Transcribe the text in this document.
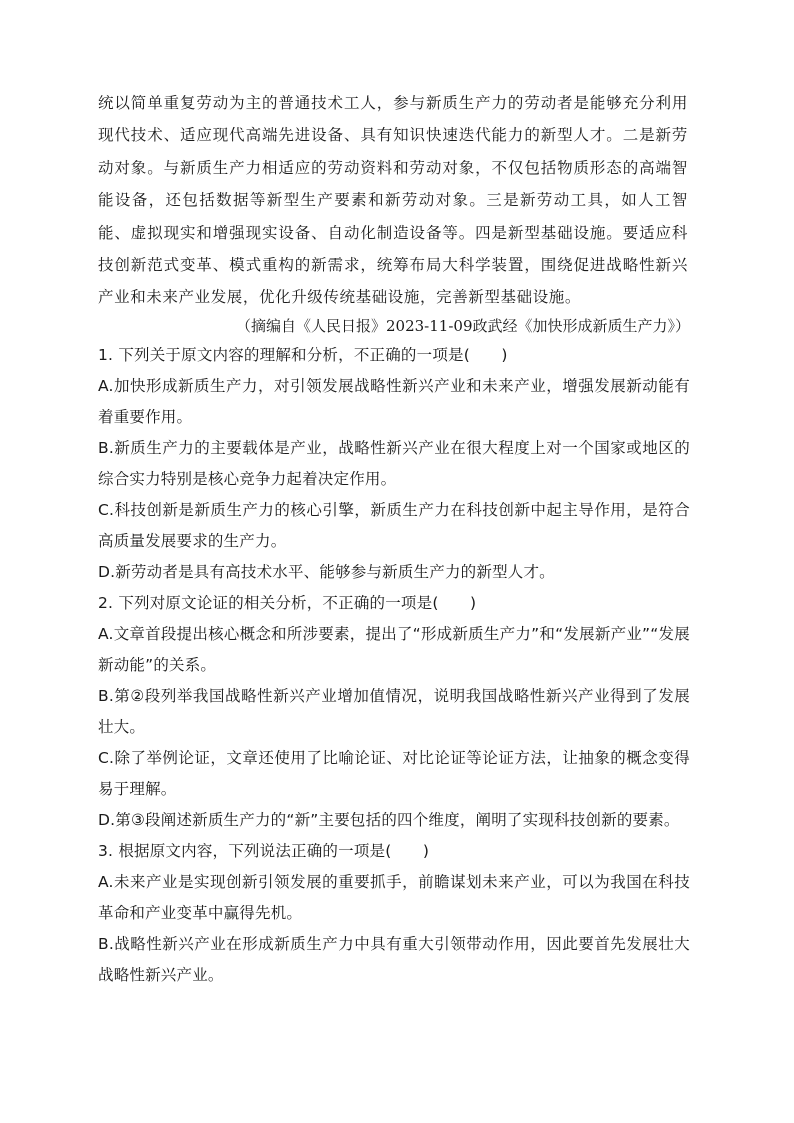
统以简单重复劳动为主的普通技术工人，参与新质生产力的劳动者是能够充分利用现代技术、适应现代高端先进设备、具有知识快速迭代能力的新型人才。二是新劳动对象。与新质生产力相适应的劳动资料和劳动对象，不仅包括物质形态的高端智能设备，还包括数据等新型生产要素和新劳动对象。三是新劳动工具，如人工智能、虚拟现实和增强现实设备、自动化制造设备等。四是新型基础设施。要适应科技创新范式变革、模式重构的新需求，统筹布局大科学装置，围绕促进战略性新兴产业和未来产业发展，优化升级传统基础设施，完善新型基础设施。

（摘编自《人民日报》2023-11-09政武经《加快形成新质生产力》）

1. 下列关于原文内容的理解和分析，不正确的一项是(　　)

A.加快形成新质生产力，对引领发展战略性新兴产业和未来产业，增强发展新动能有着重要作用。

B.新质生产力的主要载体是产业，战略性新兴产业在很大程度上对一个国家或地区的综合实力特别是核心竞争力起着决定作用。

C.科技创新是新质生产力的核心引擎，新质生产力在科技创新中起主导作用，是符合高质量发展要求的生产力。

D.新劳动者是具有高技术水平、能够参与新质生产力的新型人才。

2. 下列对原文论证的相关分析，不正确的一项是(　　)

A.文章首段提出核心概念和所涉要素，提出了“形成新质生产力”和“发展新产业”“发展新动能”的关系。

B.第②段列举我国战略性新兴产业增加值情况，说明我国战略性新兴产业得到了发展壮大。

C.除了举例论证，文章还使用了比喻论证、对比论证等论证方法，让抽象的概念变得易于理解。

D.第③段阐述新质生产力的“新”主要包括的四个维度，阐明了实现科技创新的要素。

3. 根据原文内容，下列说法正确的一项是(　　)

A.未来产业是实现创新引领发展的重要抓手，前瞻谋划未来产业，可以为我国在科技革命和产业变革中赢得先机。

B.战略性新兴产业在形成新质生产力中具有重大引领带动作用，因此要首先发展壮大战略性新兴产业。
